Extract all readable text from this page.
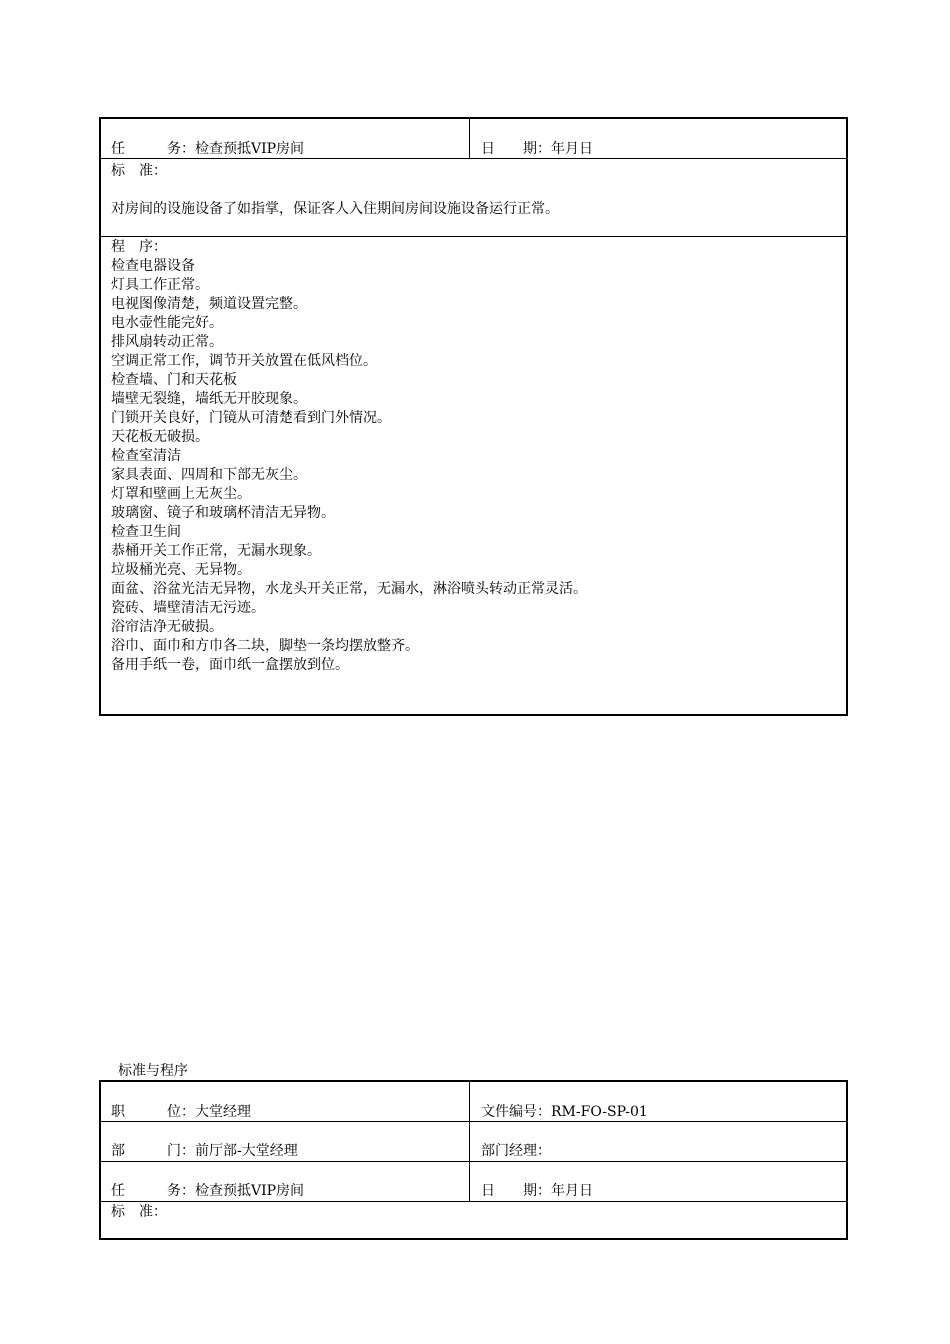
任　　　务：检查预抵VIP房间	日　　期：年月日
标　准：
对房间的设施设备了如指掌，保证客人入住期间房间设施设备运行正常。
程　序：
检查电器设备
灯具工作正常。
电视图像清楚，频道设置完整。
电水壶性能完好。
排风扇转动正常。
空调正常工作，调节开关放置在低风档位。
检查墙、门和天花板
墙壁无裂缝，墙纸无开胶现象。
门锁开关良好，门镜从可清楚看到门外情况。
天花板无破损。
检查室清洁
家具表面、四周和下部无灰尘。
灯罩和壁画上无灰尘。
玻璃窗、镜子和玻璃杯清洁无异物。
检查卫生间
恭桶开关工作正常，无漏水现象。
垃圾桶光亮、无异物。
面盆、浴盆光洁无异物，水龙头开关正常，无漏水，淋浴喷头转动正常灵活。
瓷砖、墙壁清洁无污迹。
浴帘洁净无破损。
浴巾、面巾和方巾各二块，脚垫一条均摆放整齐。
备用手纸一卷，面巾纸一盒摆放到位。
标准与程序
职　　　位：大堂经理	文件编号：RM-FO-SP-01
部　　　门：前厅部-大堂经理	部门经理：
任　　　务：检查预抵VIP房间	日　　期：年月日
标　准：
